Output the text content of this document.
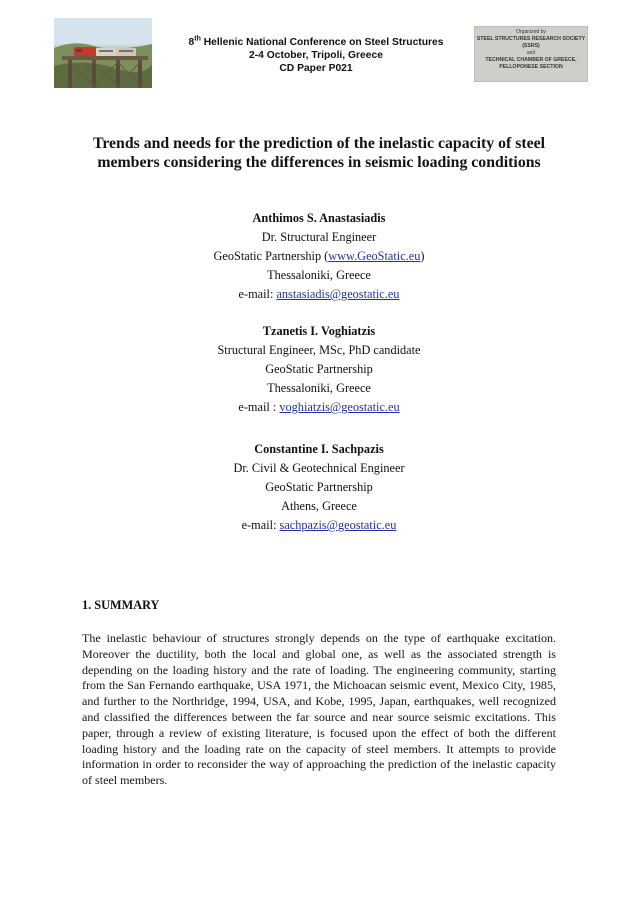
8th Hellenic National Conference on Steel Structures
2-4 October, Tripoli, Greece
CD Paper P021
Organized by
STEEL STRUCTURES RESEARCH SOCIETY (SSRS)
and
TECHNICAL CHAMBER OF GREECE,
PELLOPONESE SECTION
Trends and needs for the prediction of the inelastic capacity of steel
members considering the differences in seismic loading conditions
Anthimos S. Anastasiadis
Dr. Structural Engineer
GeoStatic Partnership (www.GeoStatic.eu)
Thessaloniki, Greece
e-mail: anstasiadis@geostatic.eu
Tzanetis I. Voghiatzis
Structural Engineer, MSc, PhD candidate
GeoStatic Partnership
Thessaloniki, Greece
e-mail : voghiatzis@geostatic.eu
Constantine I. Sachpazis
Dr. Civil & Geotechnical Engineer
GeoStatic Partnership
Athens, Greece
e-mail: sachpazis@geostatic.eu
1. SUMMARY
The inelastic behaviour of structures strongly depends on the type of earthquake excitation. Moreover the ductility, both the local and global one, as well as the associated strength is depending on the loading history and the rate of loading. The engineering community, starting from the San Fernando earthquake, USA 1971, the Michoacan seismic event, Mexico City, 1985, and further to the Northridge, 1994, USA, and Kobe, 1995, Japan, earthquakes, well recognized and classified the differences between the far source and near source seismic excitations. This paper, through a review of existing literature, is focused upon the effect of both the different loading history and the loading rate on the capacity of steel members. It attempts to provide information in order to reconsider the way of approaching the prediction of the inelastic capacity of steel members.
